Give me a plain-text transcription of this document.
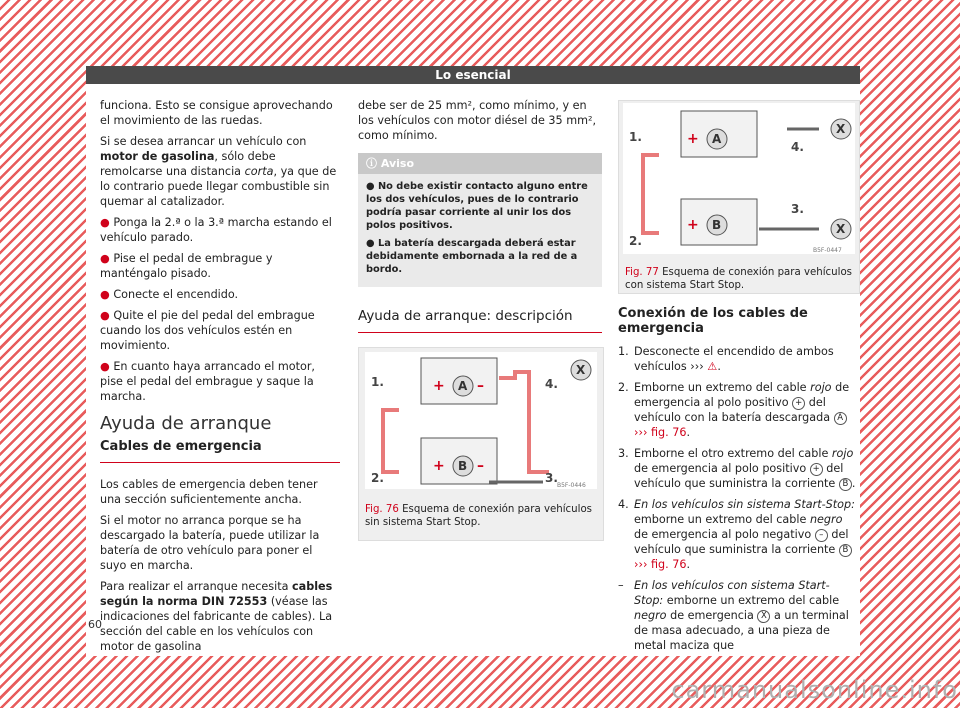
Lo esencial

funciona. Esto se consigue aprovechando el movimiento de las ruedas.

Si se desea arrancar un vehículo con motor de gasolina, sólo debe remolcarse una distancia corta, ya que de lo contrario puede llegar combustible sin quemar al catalizador.

● Ponga la 2.ª o la 3.ª marcha estando el vehículo parado.

● Pise el pedal de embrague y manténgalo pisado.

● Conecte el encendido.

● Quite el pie del pedal del embrague cuando los dos vehículos estén en movimiento.

● En cuanto haya arrancado el motor, pise el pedal del embrague y saque la marcha.

Ayuda de arranque
Cables de emergencia

Los cables de emergencia deben tener una sección suficientemente ancha.

Si el motor no arranca porque se ha descargado la batería, puede utilizar la batería de otro vehículo para poner el suyo en marcha.

Para realizar el arranque necesita cables según la norma DIN 72553 (véase las indicaciones del fabricante de cables). La sección del cable en los vehículos con motor de gasolina

debe ser de 25 mm², como mínimo, y en los vehículos con motor diésel de 35 mm², como mínimo.

ⓘ Aviso

● No debe existir contacto alguno entre los dos vehículos, pues de lo contrario podría pasar corriente al unir los dos polos positivos.

● La batería descargada deberá estar debidamente embornada a la red de a bordo.

Ayuda de arranque: descripción
1.
2.
4.
3.
A
B
X
+ –
+ –
B5F-0446
Fig. 76 Esquema de conexión para vehículos sin sistema Start Stop.
1.
2.
4.
3.
A
B
X
X
+
+
B5F-0447
Fig. 77 Esquema de conexión para vehículos con sistema Start Stop.
Conexión de los cables de emergencia
1. Desconecte el encendido de ambos vehículos ››› ⚠.
2. Emborne un extremo del cable rojo de emergencia al polo positivo + del vehículo con la batería descargada A ››› fig. 76.
3. Emborne el otro extremo del cable rojo de emergencia al polo positivo + del vehículo que suministra la corriente B .
4. En los vehículos sin sistema Start-Stop: emborne un extremo del cable negro de emergencia al polo negativo – del vehículo que suministra la corriente B ››› fig. 76.
– En los vehículos con sistema Start-Stop: emborne un extremo del cable negro de emergencia X a un terminal de masa adecuado, a una pieza de metal maciza que
60
carmanualsonline.info
